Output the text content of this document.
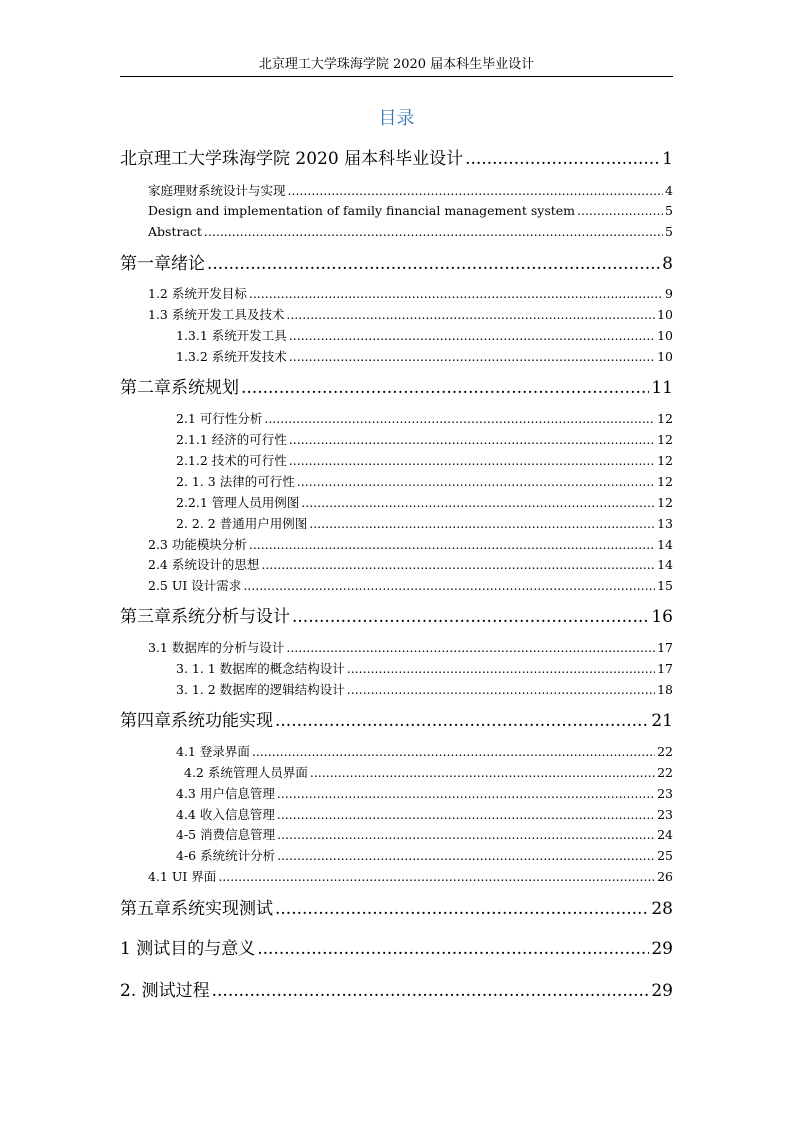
北京理工大学珠海学院 2020 届本科生毕业设计
目录
北京理工大学珠海学院 2020 届本科毕业设计 .....	1
家庭理财系统设计与实现 .....	4
Design and implementation of family financial management system .....	5
Abstract .....	5
第一章绪论 .....	8
1.2 系统开发目标 .....	9
1.3 系统开发工具及技术 .....	10
1.3.1 系统开发工具 .....	10
1.3.2 系统开发技术 .....	10
第二章系统规划 .....	11
2.1 可行性分析 .....	12
2.1.1 经济的可行性 .....	12
2.1.2 技术的可行性 .....	12
2. 1. 3 法律的可行性 .....	12
2.2.1 管理人员用例图 .....	12
2. 2. 2 普通用户用例图 .....	13
2.3 功能模块分析 .....	14
2.4 系统设计的思想 .....	14
2.5 UI 设计需求 .....	15
第三章系统分析与设计 .....	16
3.1 数据库的分析与设计 .....	17
3. 1. 1 数据库的概念结构设计 .....	17
3. 1. 2 数据库的逻辑结构设计 .....	18
第四章系统功能实现 .....	21
4.1 登录界面 .....	22
4.2 系统管理人员界面 .....	22
4.3 用户信息管理 .....	23
4.4 收入信息管理 .....	23
4-5 消费信息管理 .....	24
4-6 系统统计分析 .....	25
4.1 UI 界面 .....	26
第五章系统实现测试 .....	28
1 测试目的与意义 .....	29
2. 测试过程 .....	29
